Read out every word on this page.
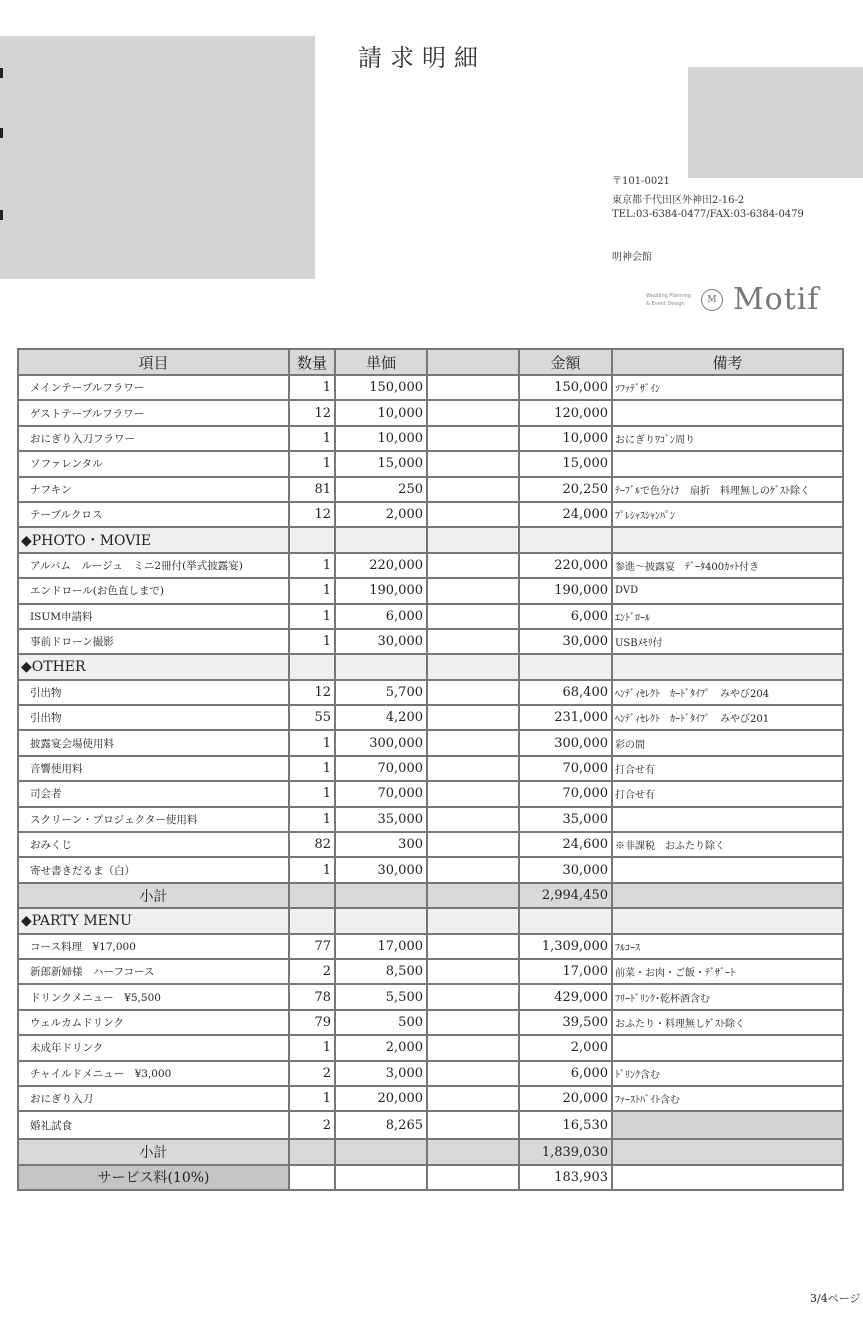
請求明細
〒101-0021
東京都千代田区外神田2-16-2
TEL:03-6384-0477/FAX:03-6384-0479
明神会館
Wedding Planning
& Event Design	M Motif
項目	数量	単価		金額	備考
メインテーブルフラワー	1	150,000		150,000	ｿﾌｧﾃﾞｻﾞｲﾝ
ゲストテーブルフラワー	12	10,000		120,000	
おにぎり入刀フラワー	1	10,000		10,000	おにぎりﾜｺﾞﾝ周り
ソファレンタル	1	15,000		15,000	
ナフキン	81	250		20,250	ﾃｰﾌﾞﾙで色分け　扇折　料理無しのｹﾞｽﾄ除く
テーブルクロス	12	2,000		24,000	ﾌﾟﾚｼｬｽｼｬﾝﾊﾟﾝ
◆PHOTO・MOVIE					
アルバム　ルージュ　ミニ2冊付(挙式披露宴)	1	220,000		220,000	参進～披露宴　ﾃﾞｰﾀ400ｶｯﾄ付き
エンドロール(お色直しまで)	1	190,000		190,000	DVD
ISUM申請料	1	6,000		6,000	ｴﾝﾄﾞﾛｰﾙ
事前ドローン撮影	1	30,000		30,000	USBﾒﾓﾘ付
◆OTHER					
引出物	12	5,700		68,400	ﾍﾝﾃﾞｨｾﾚｸﾄ　ｶｰﾄﾞﾀｲﾌﾟ　みやび204
引出物	55	4,200		231,000	ﾍﾝﾃﾞｨｾﾚｸﾄ　ｶｰﾄﾞﾀｲﾌﾟ　みやび201
披露宴会場使用料	1	300,000		300,000	彩の間
音響使用料	1	70,000		70,000	打合せ有
司会者	1	70,000		70,000	打合せ有
スクリーン・プロジェクター使用料	1	35,000		35,000	
おみくじ	82	300		24,600	※非課税　おふたり除く
寄せ書きだるま（白）	1	30,000		30,000	
小計				2,994,450	
◆PARTY MENU					
コース料理　¥17,000	77	17,000		1,309,000	ﾌﾙｺｰｽ
新郎新婦様　ハーフコース	2	8,500		17,000	前菜・お肉・ご飯・ﾃﾞｻﾞｰﾄ
ドリンクメニュー　¥5,500	78	5,500		429,000	ﾌﾘｰﾄﾞﾘﾝｸ･乾杯酒含む
ウェルカムドリンク	79	500		39,500	おふたり・料理無しｹﾞｽﾄ除く
未成年ドリンク	1	2,000		2,000	
チャイルドメニュー　¥3,000	2	3,000		6,000	ﾄﾞﾘﾝｸ含む
おにぎり入刀	1	20,000		20,000	ﾌｧｰｽﾄﾊﾞｲﾄ含む
婚礼試食	2	8,265		16,530	

小計				1,839,030	
サービス料(10%)				183,903	
3/4ページ
